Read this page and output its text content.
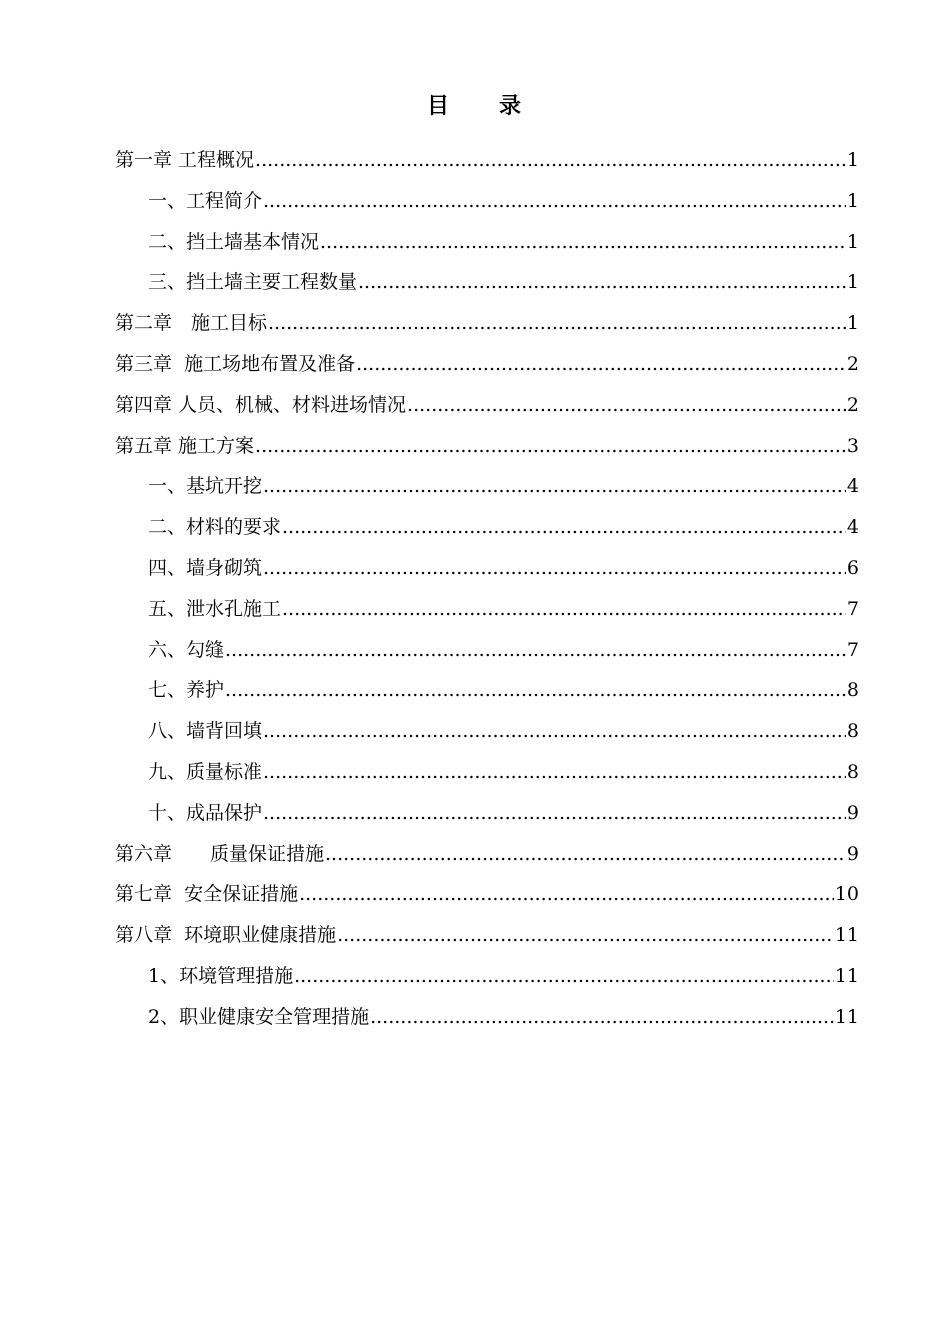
目　　录
第一章 工程概况 .....	1
一、工程简介 .....	1
二、挡土墙基本情况 .....	1
三、挡土墙主要工程数量 .....	1
第二章　施工目标 .....	1
第三章  施工场地布置及准备 .....	2
第四章 人员、机械、材料进场情况 .....	2
第五章 施工方案 .....	3
一、基坑开挖 .....	4
二、材料的要求 .....	4
四、墙身砌筑 .....	6
五、泄水孔施工 .....	7
六、勾缝 .....	7
七、养护 .....	8
八、墙背回填 .....	8
九、质量标准 .....	8
十、成品保护 .....	9
第六章　　质量保证措施 .....	9
第七章  安全保证措施 .....	10
第八章  环境职业健康措施 .....	11
1、环境管理措施 .....	11
2、职业健康安全管理措施 .....	11
